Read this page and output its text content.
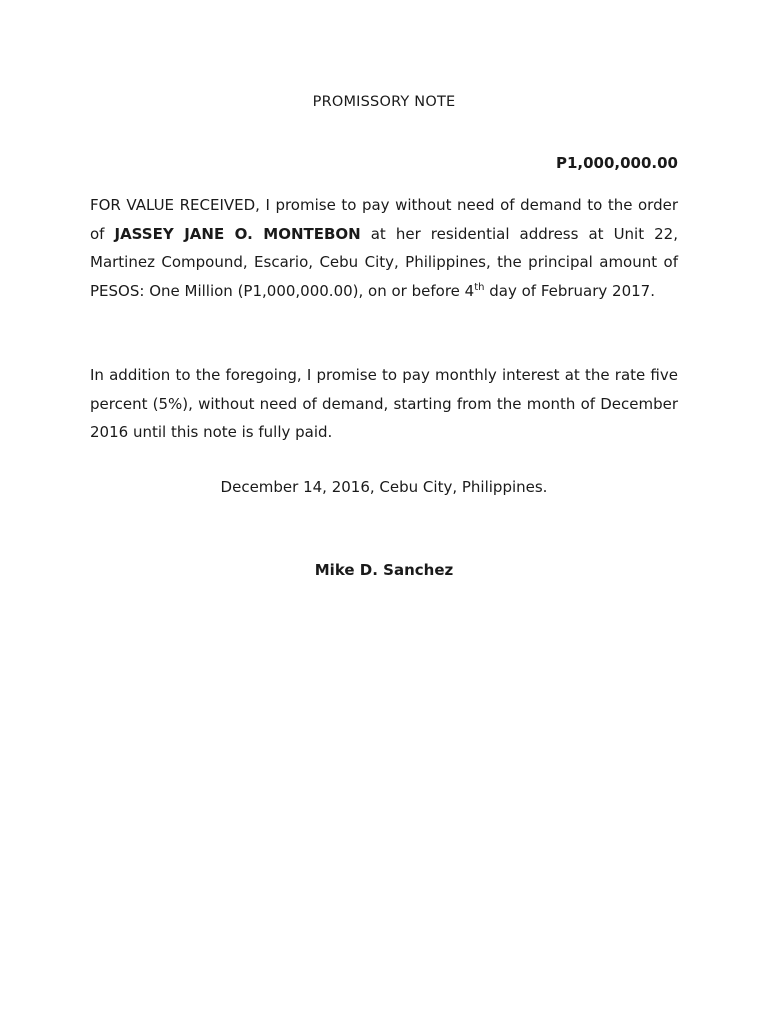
PROMISSORY NOTE
P1,000,000.00

FOR VALUE RECEIVED, I promise to pay without need of demand to the order of JASSEY JANE O. MONTEBON at her residential address at Unit 22, Martinez Compound, Escario, Cebu City, Philippines, the principal amount of PESOS: One Million (P1,000,000.00), on or before 4th day of February 2017.

In addition to the foregoing, I promise to pay monthly interest at the rate five percent (5%), without need of demand, starting from the month of December 2016 until this note is fully paid.

December 14, 2016, Cebu City, Philippines.
Mike D. Sanchez
